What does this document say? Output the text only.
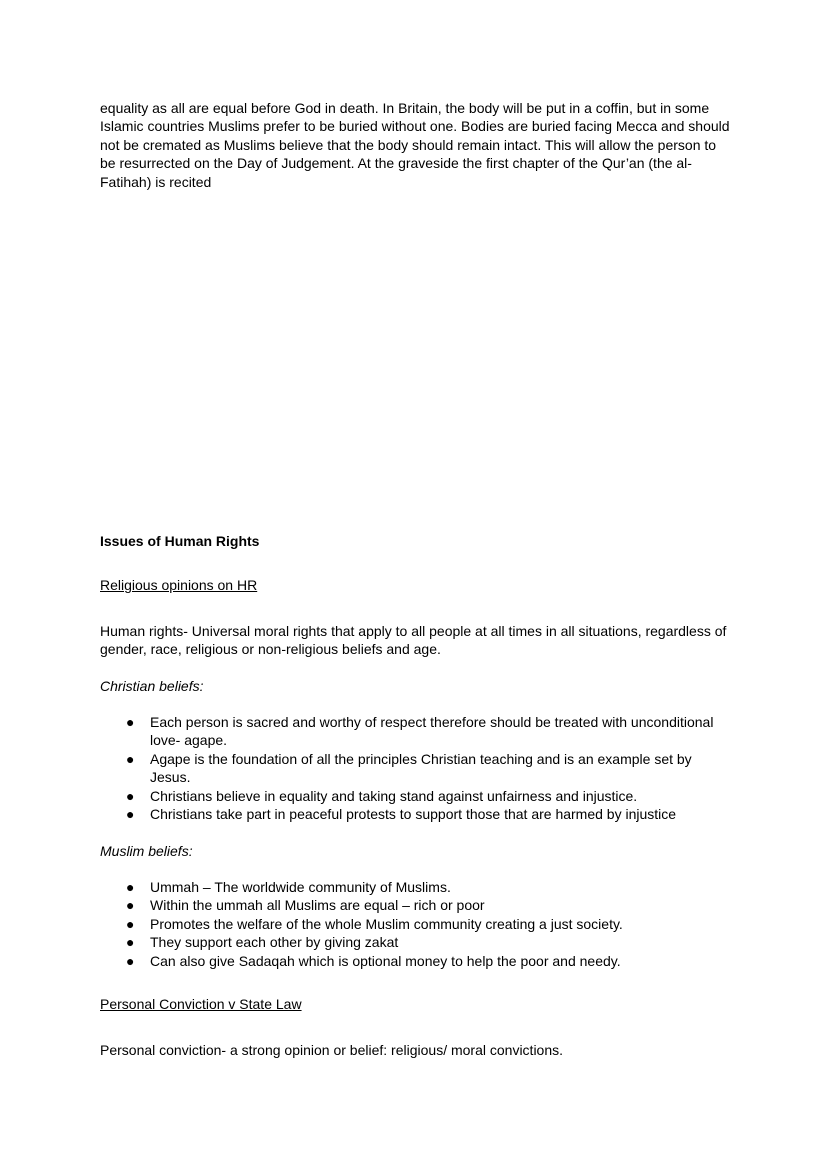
equality as all are equal before God in death. In Britain, the body will be put in a coffin, but in some Islamic countries Muslims prefer to be buried without one. Bodies are buried facing Mecca and should not be cremated as Muslims believe that the body should remain intact. This will allow the person to be resurrected on the Day of Judgement. At the graveside the first chapter of the Qur’an (the al-Fatihah) is recited

Issues of Human Rights
Religious opinions on HR

Human rights- Universal moral rights that apply to all people at all times in all situations, regardless of gender, race, religious or non-religious beliefs and age.

Christian beliefs:
● Each person is sacred and worthy of respect therefore should be treated with unconditional love- agape.
● Agape is the foundation of all the principles Christian teaching and is an example set by Jesus.
● Christians believe in equality and taking stand against unfairness and injustice.
● Christians take part in peaceful protests to support those that are harmed by injustice
Muslim beliefs:
● Ummah – The worldwide community of Muslims.
● Within the ummah all Muslims are equal – rich or poor
● Promotes the welfare of the whole Muslim community creating a just society.
● They support each other by giving zakat
● Can also give Sadaqah which is optional money to help the poor and needy.
Personal Conviction v State Law

Personal conviction- a strong opinion or belief: religious/ moral convictions.
